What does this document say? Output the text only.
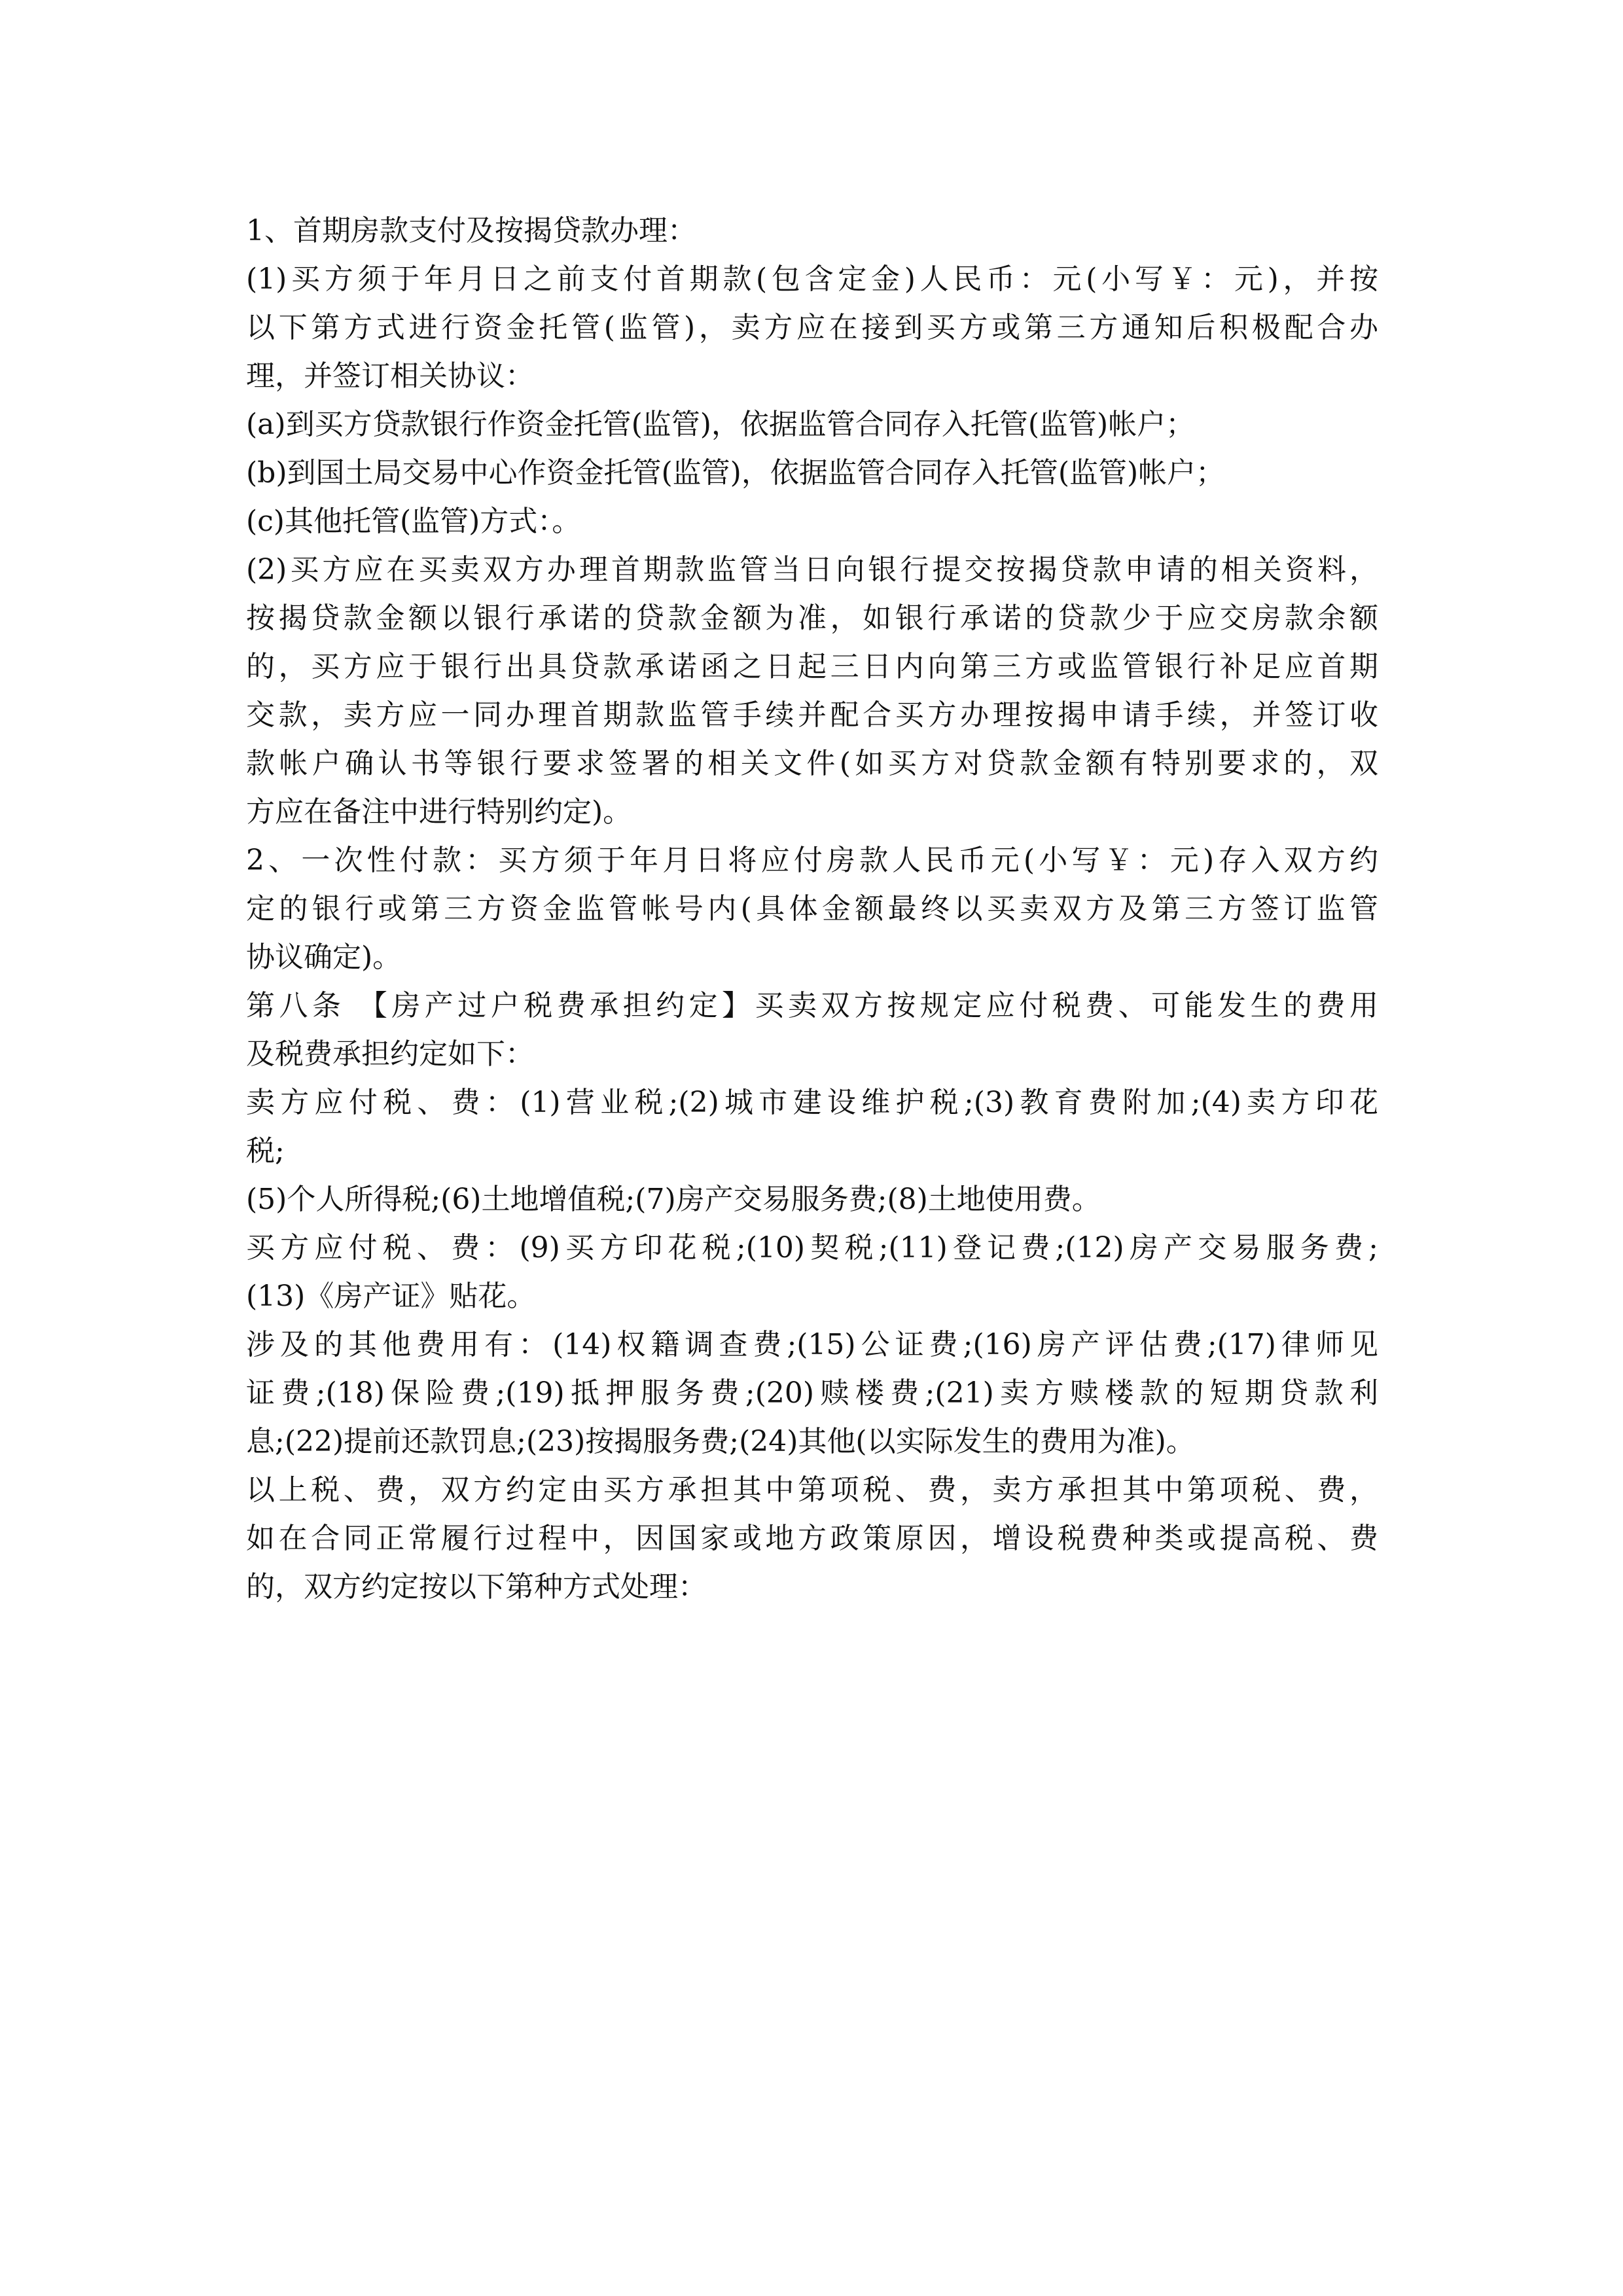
1、首期房款支付及按揭贷款办理：
(1)买方须于年月日之前支付首期款(包含定金)人民币：元(小写￥：元)，并按
以下第方式进行资金托管(监管)，卖方应在接到买方或第三方通知后积极配合办
理，并签订相关协议：
(a)到买方贷款银行作资金托管(监管)，依据监管合同存入托管(监管)帐户；
(b)到国土局交易中心作资金托管(监管)，依据监管合同存入托管(监管)帐户；
(c)其他托管(监管)方式：。
(2)买方应在买卖双方办理首期款监管当日向银行提交按揭贷款申请的相关资料，
按揭贷款金额以银行承诺的贷款金额为准，如银行承诺的贷款少于应交房款余额
的，买方应于银行出具贷款承诺函之日起三日内向第三方或监管银行补足应首期
交款，卖方应一同办理首期款监管手续并配合买方办理按揭申请手续，并签订收
款帐户确认书等银行要求签署的相关文件(如买方对贷款金额有特别要求的，双
方应在备注中进行特别约定)。
2、一次性付款：买方须于年月日将应付房款人民币元(小写￥：元)存入双方约
定的银行或第三方资金监管帐号内(具体金额最终以买卖双方及第三方签订监管
协议确定)。
第八条 【房产过户税费承担约定】买卖双方按规定应付税费、可能发生的费用
及税费承担约定如下：
卖方应付税、费：(1)营业税;(2)城市建设维护税;(3)教育费附加;(4)卖方印花
税;
(5)个人所得税;(6)土地增值税;(7)房产交易服务费;(8)土地使用费。
买方应付税、费：(9)买方印花税;(10)契税;(11)登记费;(12)房产交易服务费;
(13)《房产证》贴花。
涉及的其他费用有：(14)权籍调查费;(15)公证费;(16)房产评估费;(17)律师见
证费;(18)保险费;(19)抵押服务费;(20)赎楼费;(21)卖方赎楼款的短期贷款利
息;(22)提前还款罚息;(23)按揭服务费;(24)其他(以实际发生的费用为准)。
以上税、费，双方约定由买方承担其中第项税、费，卖方承担其中第项税、费，
如在合同正常履行过程中，因国家或地方政策原因，增设税费种类或提高税、费
的，双方约定按以下第种方式处理：
